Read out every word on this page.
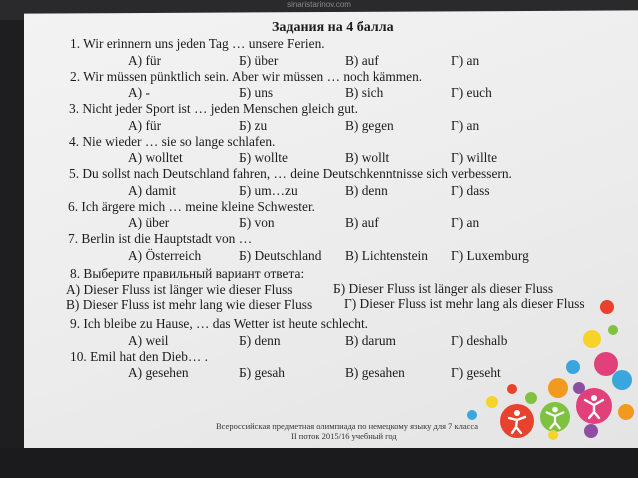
sinaristarinov.com
Задания на 4 балла
1. Wir erinnern uns jeden Tag … unsere Ferien.
А) für	Б) über	В) auf	Г) an
2. Wir müssen pünktlich sein. Aber wir müssen … noch kämmen.
А) -	Б) uns	В) sich	Г) euch
3. Nicht jeder Sport ist … jeden Menschen gleich gut.
А) für	Б) zu	В) gegen	Г) an
4. Nie wieder … sie so lange schlafen.
А) wolltet	Б) wollte	В) wollt	Г) willte
5. Du sollst nach Deutschland fahren, … deine Deutschkenntnisse sich verbessern.
А) damit	Б) um…zu	В) denn	Г) dass
6. Ich ärgere mich … meine kleine Schwester.
А) über	Б) von	В) auf	Г) an
7. Berlin ist die Hauptstadt von …
А) Österreich	Б) Deutschland В) Lichtenstein Г) Luxemburg
8. Выберите правильный вариант ответа:
А) Dieser Fluss ist länger wie dieser Fluss	Б) Dieser Fluss ist länger als dieser Fluss
В) Dieser Fluss ist mehr lang wie dieser Fluss Г) Dieser Fluss ist mehr lang als dieser Fluss
9. Ich bleibe zu Hause, … das Wetter ist heute schlecht.
А) weil	Б) denn	В) darum	Г) deshalb
10. Emil hat den Dieb… .
А) gesehen	Б) gesah	В) gesahen	Г) geseht
Всероссийская предметная олимпиада по немецкому языку для 7 класса
II поток 2015/16 учебный год
